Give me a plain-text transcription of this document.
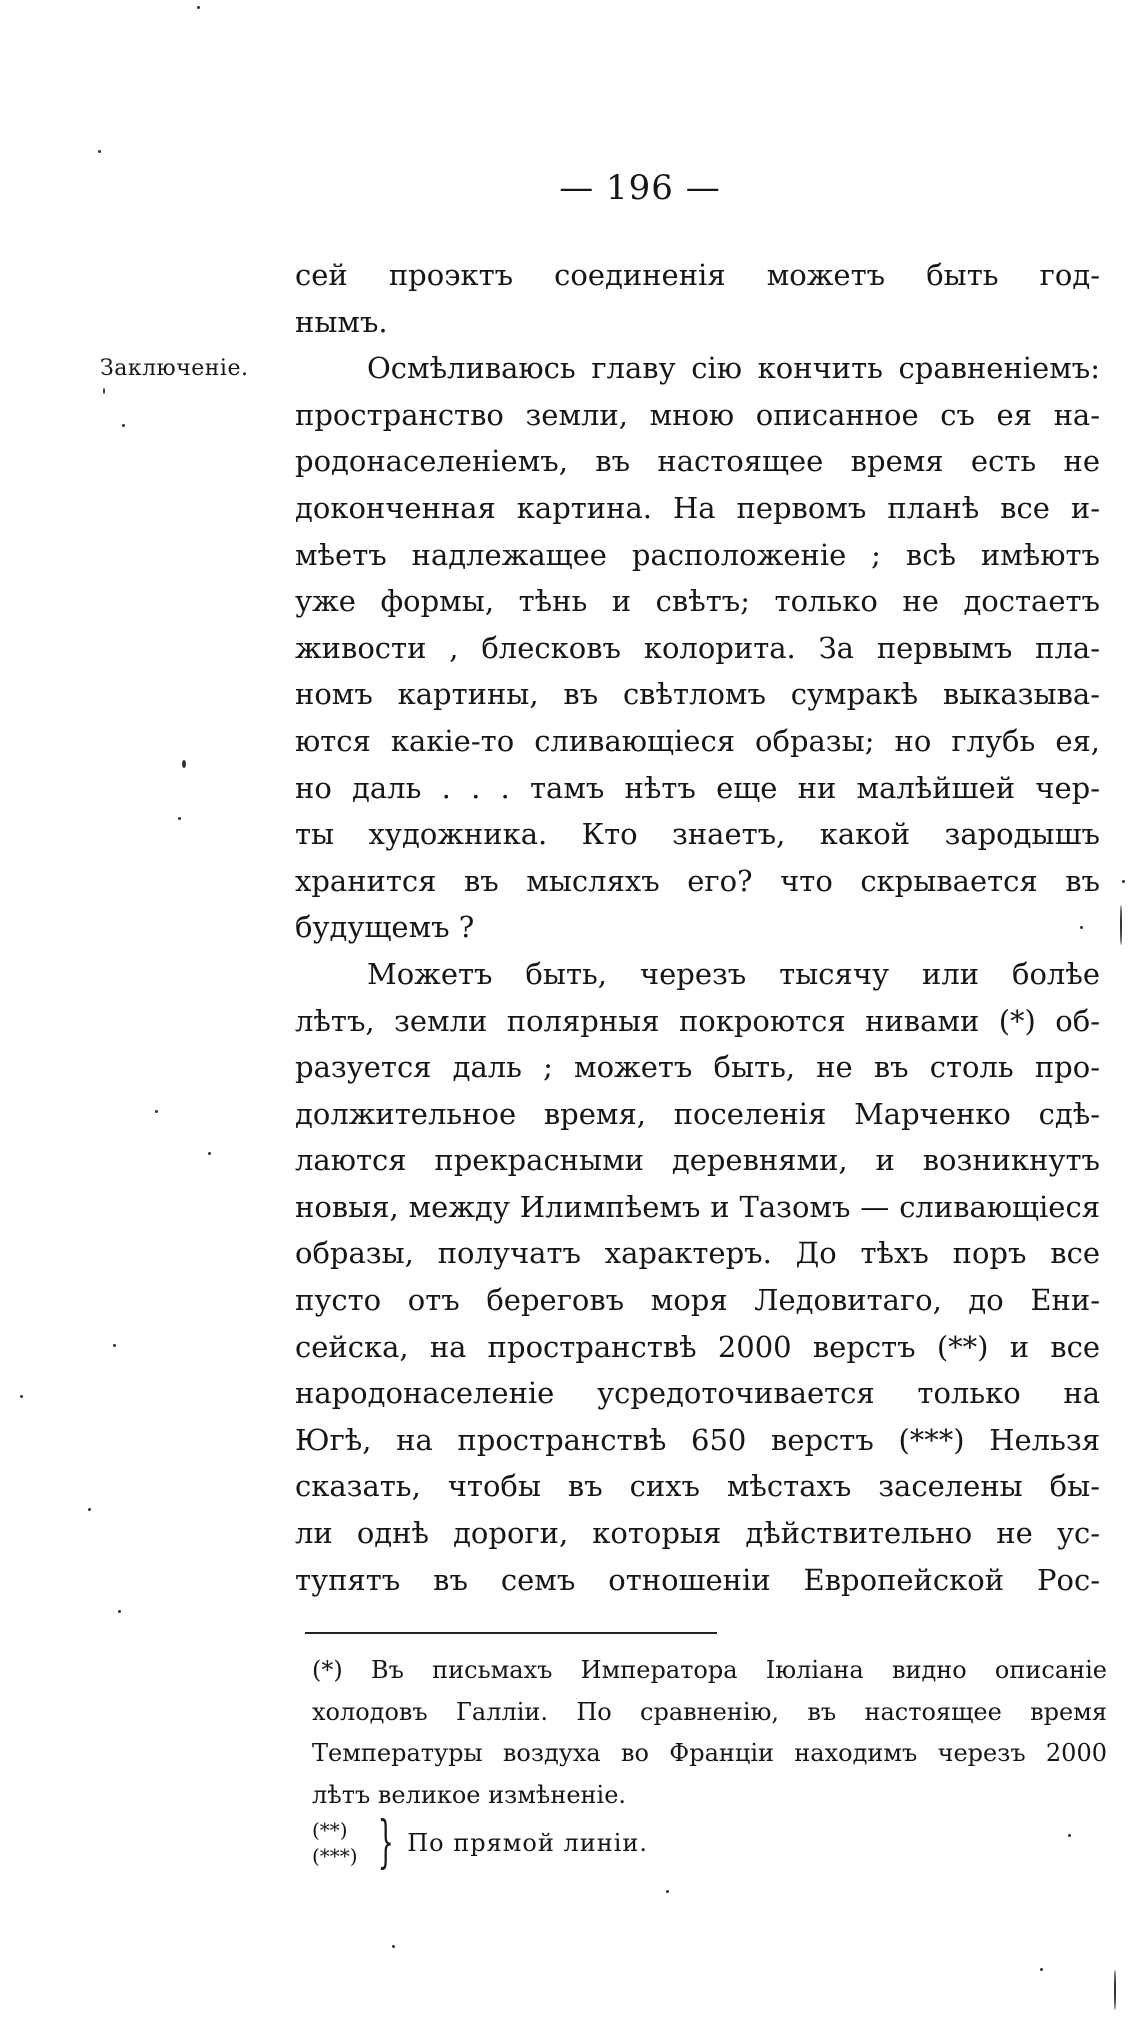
— 196 —
Заключеніе.
сей проэктъ соединенія можетъ быть год-
нымъ.
Осмѣливаюсь главу сію кончить сравненіемъ:
пространство земли, мною описанное съ ея на-
родонаселеніемъ, въ настоящее время есть не
доконченная картина. На первомъ планѣ все и-
мѣетъ надлежащее расположеніе ; всѣ имѣютъ
уже формы, тѣнь и свѣтъ; только не достаетъ
живости , блесковъ колорита. За первымъ пла-
номъ картины, въ свѣтломъ сумракѣ выказыва-
ются какіе-то сливающіеся образы; но глубь ея,
но даль . . . тамъ нѣтъ еще ни малѣйшей чер-
ты художника. Кто знаетъ, какой зародышъ
хранится въ мысляхъ его? что скрывается въ
будущемъ ?
Можетъ быть, черезъ тысячу или болѣе
лѣтъ, земли полярныя покроются нивами (*) об-
разуется даль ; можетъ быть, не въ столь про-
должительное время, поселенія Марченко сдѣ-
лаются прекрасными деревнями, и возникнутъ
новыя, между Илимпѣемъ и Тазомъ — сливающіеся
образы, получатъ характеръ. До тѣхъ поръ все
пусто отъ береговъ моря Ледовитаго, до Ени-
сейска, на пространствѣ 2000 верстъ (**) и все
народонаселеніе усредоточивается только на
Югѣ, на пространствѣ 650 верстъ (***) Нельзя
сказать, чтобы въ сихъ мѣстахъ заселены бы-
ли однѣ дороги, которыя дѣйствительно не ус-
тупятъ въ семъ отношеніи Европейской Рос-
(*) Въ письмахъ Императора Іюліана видно описаніе
холодовъ Галліи. По сравненію, въ настоящее время
Температуры воздуха во Франціи находимъ черезъ 2000
лѣтъ великое измѣненіе.
(**)
(***) } По прямой линіи.
